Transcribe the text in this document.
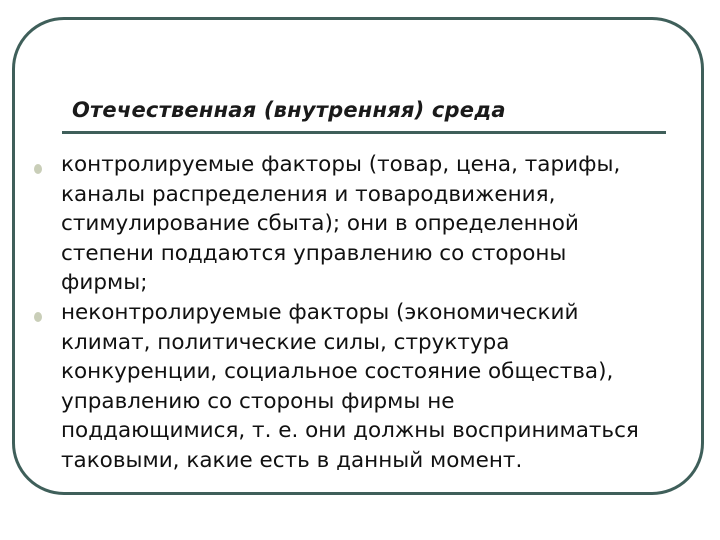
Отечественная (внутренняя) среда
контролируемые факторы (товар, цена, тарифы,
каналы распределения и товародвижения,
стимулирование сбыта); они в определенной
степени поддаются управлению со стороны
фирмы;
неконтролируемые факторы (экономический
климат, политические силы, структура
конкуренции, социальное состояние общества),
управлению со стороны фирмы не
поддающимися, т. е. они должны восприниматься
таковыми, какие есть в данный момент.
